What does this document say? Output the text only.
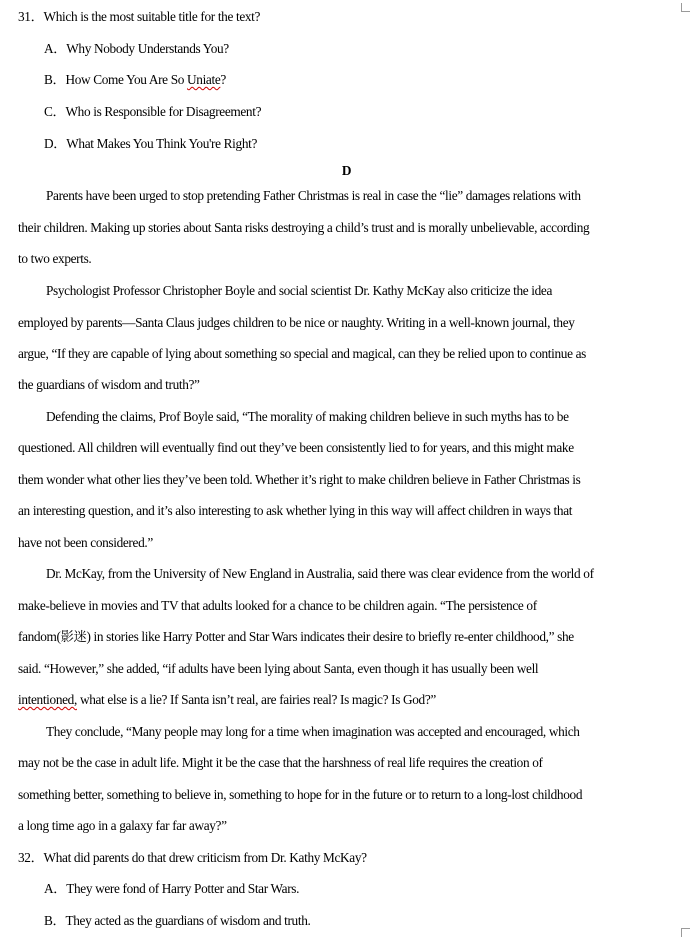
31．Which is the most suitable title for the text?
A．Why Nobody Understands You?
B．How Come You Are So Uniate?
C．Who is Responsible for Disagreement?
D．What Makes You Think You're Right?
D
Parents have been urged to stop pretending Father Christmas is real in case the “lie” damages relations with
their children. Making up stories about Santa risks destroying a child’s trust and is morally unbelievable, according
to two experts.
Psychologist Professor Christopher Boyle and social scientist Dr. Kathy McKay also criticize the idea
employed by parents—Santa Claus judges children to be nice or naughty. Writing in a well-known journal, they
argue, “If they are capable of lying about something so special and magical, can they be relied upon to continue as
the guardians of wisdom and truth?”
Defending the claims, Prof Boyle said, “The morality of making children believe in such myths has to be
questioned. All children will eventually find out they’ve been consistently lied to for years, and this might make
them wonder what other lies they’ve been told. Whether it’s right to make children believe in Father Christmas is
an interesting question, and it’s also interesting to ask whether lying in this way will affect children in ways that
have not been considered.”
Dr. McKay, from the University of New England in Australia, said there was clear evidence from the world of
make-believe in movies and TV that adults looked for a chance to be children again. “The persistence of
fandom(影迷) in stories like Harry Potter and Star Wars indicates their desire to briefly re-enter childhood,” she
said. “However,” she added, “if adults have been lying about Santa, even though it has usually been well
intentioned, what else is a lie? If Santa isn’t real, are fairies real? Is magic? Is God?”
They conclude, “Many people may long for a time when imagination was accepted and encouraged, which
may not be the case in adult life. Might it be the case that the harshness of real life requires the creation of
something better, something to believe in, something to hope for in the future or to return to a long-lost childhood
a long time ago in a galaxy far far away?”
32．What did parents do that drew criticism from Dr. Kathy McKay?
A．They were fond of Harry Potter and Star Wars.
B．They acted as the guardians of wisdom and truth.
